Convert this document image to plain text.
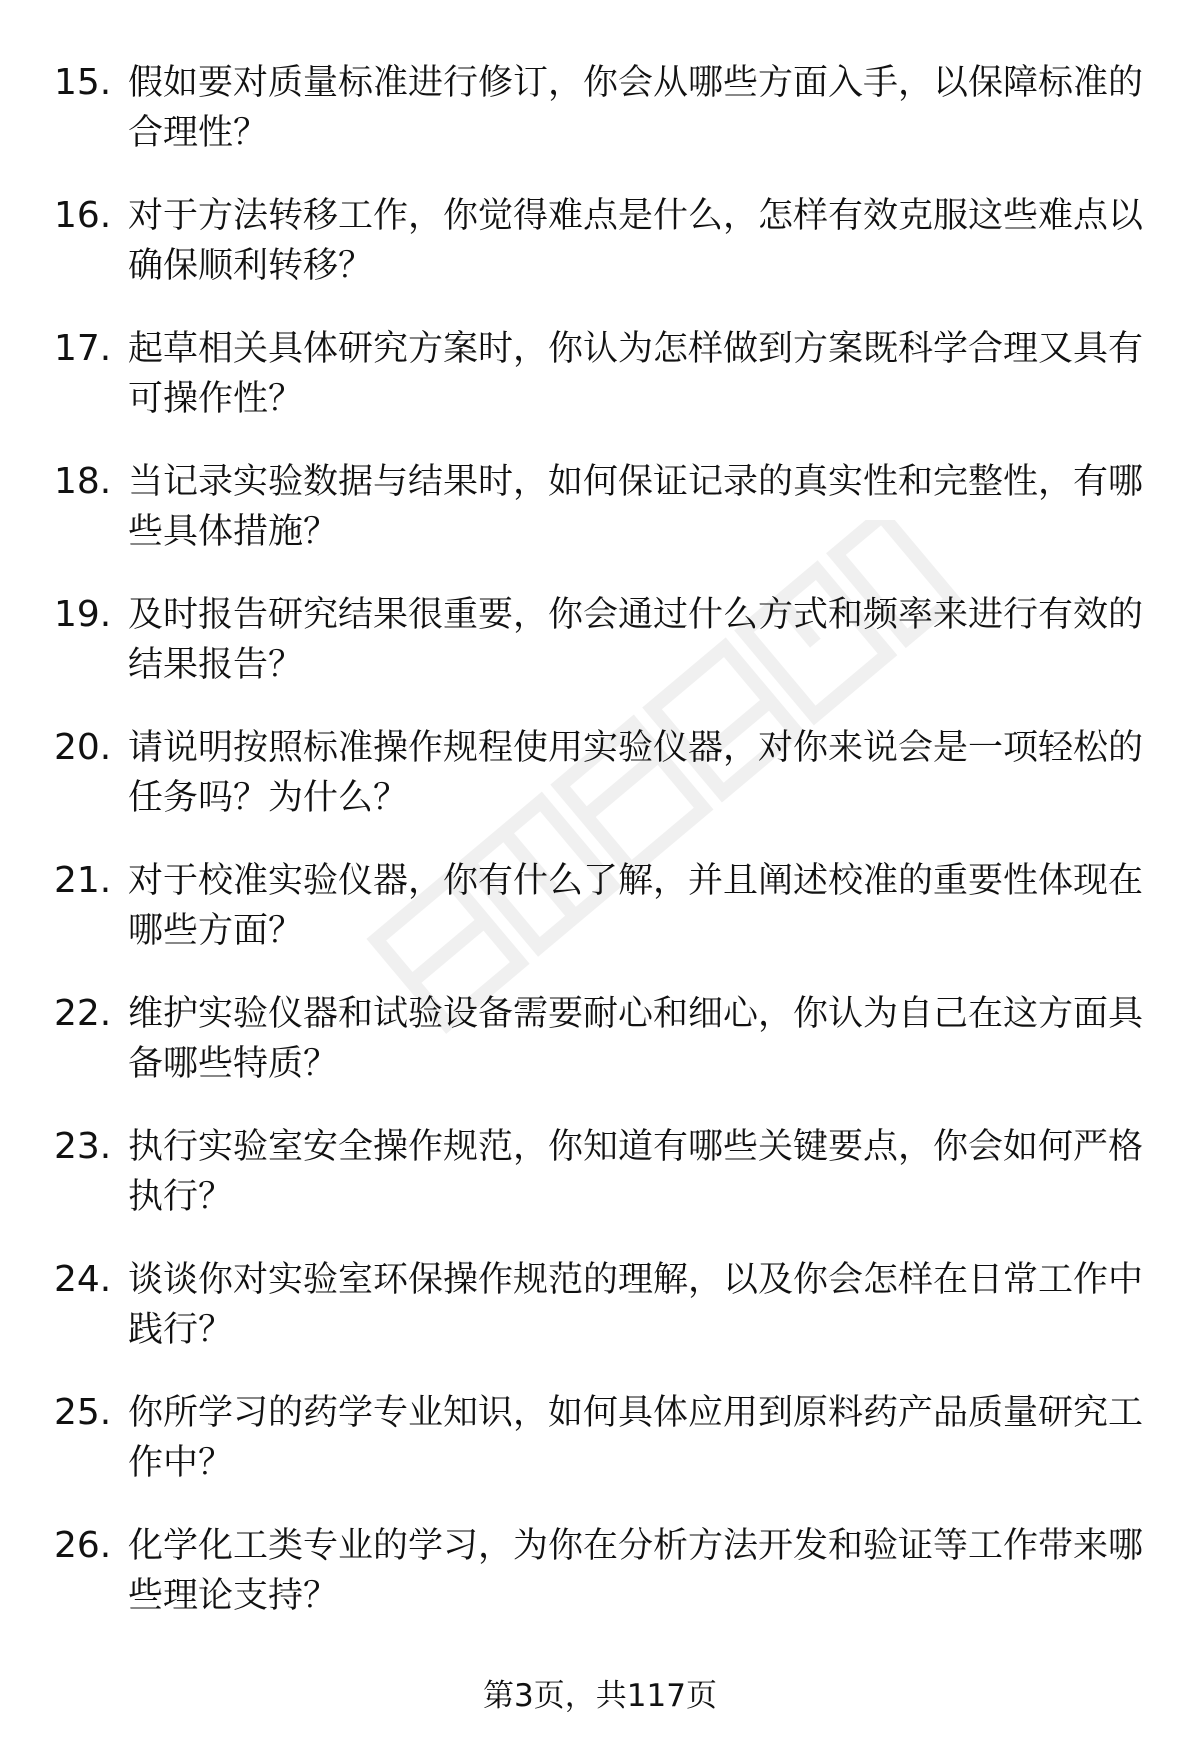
15. 假如要对质量标准进行修订，你会从哪些方面入手，以保障标准的合理性？
16. 对于方法转移工作，你觉得难点是什么，怎样有效克服这些难点以确保顺利转移？
17. 起草相关具体研究方案时，你认为怎样做到方案既科学合理又具有可操作性？
18. 当记录实验数据与结果时，如何保证记录的真实性和完整性，有哪些具体措施？
19. 及时报告研究结果很重要，你会通过什么方式和频率来进行有效的结果报告？
20. 请说明按照标准操作规程使用实验仪器，对你来说会是一项轻松的任务吗？为什么？
21. 对于校准实验仪器，你有什么了解，并且阐述校准的重要性体现在哪些方面？
22. 维护实验仪器和试验设备需要耐心和细心，你认为自己在这方面具备哪些特质？
23. 执行实验室安全操作规范，你知道有哪些关键要点，你会如何严格执行？
24. 谈谈你对实验室环保操作规范的理解，以及你会怎样在日常工作中践行？
25. 你所学习的药学专业知识，如何具体应用到原料药产品质量研究工作中？
26. 化学化工类专业的学习，为你在分析方法开发和验证等工作带来哪些理论支持？
第3页，共117页
